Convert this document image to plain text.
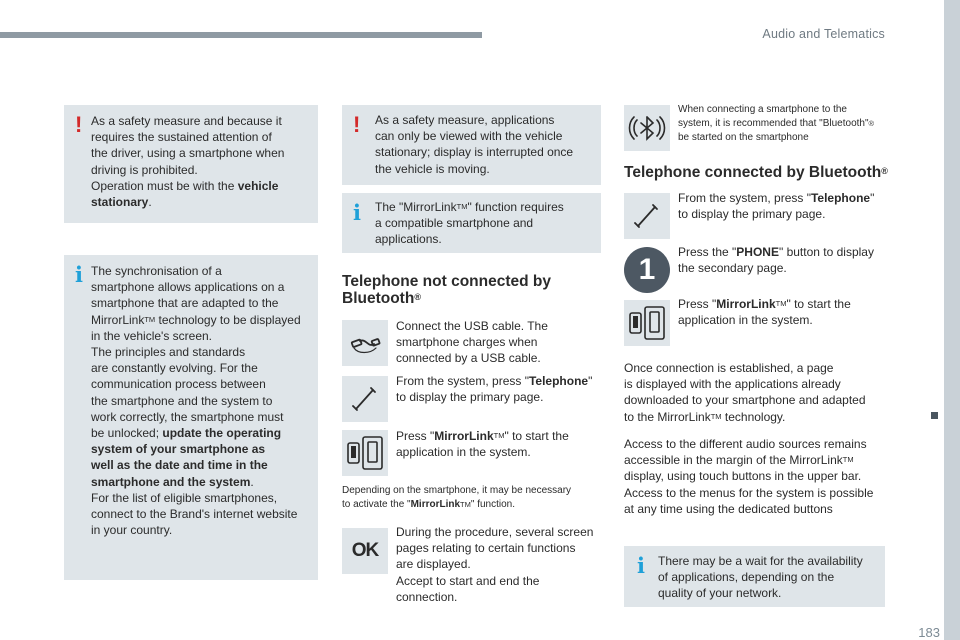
Audio and Telematics
183
! As a safety measure and because it
requires the sustained attention of
the driver, using a smartphone when
driving is prohibited.
Operation must be with the vehicle
stationary.
i The synchronisation of a
smartphone allows applications on a
smartphone that are adapted to the
MirrorLink™ technology to be displayed
in the vehicle's screen.
The principles and standards
are constantly evolving. For the
communication process between
the smartphone and the system to
work correctly, the smartphone must
be unlocked; update the operating
system of your smartphone as
well as the date and time in the
smartphone and the system.
For the list of eligible smartphones,
connect to the Brand's internet website
in your country.
! As a safety measure, applications
can only be viewed with the vehicle
stationary; display is interrupted once
the vehicle is moving.
i The "MirrorLink™" function requires
a compatible smartphone and
applications.
Telephone not connected by
Bluetooth®
Connect the USB cable. The
smartphone charges when
connected by a USB cable.
From the system, press "Telephone"
to display the primary page.
Press "MirrorLink™" to start the
application in the system.
Depending on the smartphone, it may be necessary
to activate the "MirrorLink™" function.
OK
During the procedure, several screen
pages relating to certain functions
are displayed.
Accept to start and end the
connection.
When connecting a smartphone to the
system, it is recommended that "Bluetooth"®
be started on the smartphone
Telephone connected by Bluetooth®
From the system, press "Telephone"
to display the primary page.
1
Press the "PHONE" button to display
the secondary page.
Press "MirrorLink™" to start the
application in the system.
Once connection is established, a page
is displayed with the applications already
downloaded to your smartphone and adapted
to the MirrorLink™ technology.
Access to the different audio sources remains
accessible in the margin of the MirrorLink™
display, using touch buttons in the upper bar.
Access to the menus for the system is possible
at any time using the dedicated buttons
i There may be a wait for the availability
of applications, depending on the
quality of your network.
